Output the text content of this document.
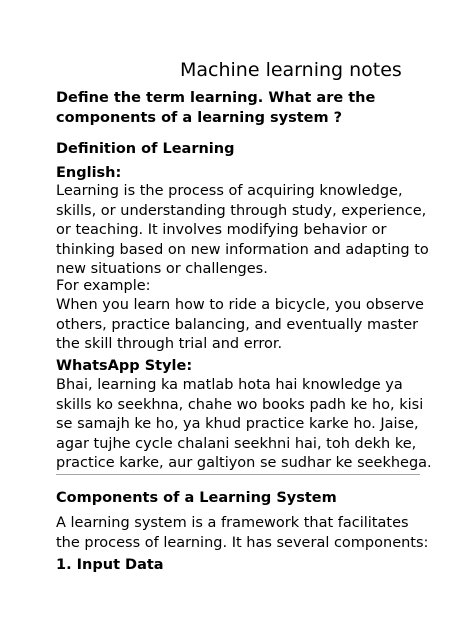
Machine learning notes
Define the term learning. What are the components of a learning system ?
Definition of Learning
English:
Learning is the process of acquiring knowledge,
skills, or understanding through study, experience,
or teaching. It involves modifying behavior or
thinking based on new information and adapting to
new situations or challenges.
For example:
When you learn how to ride a bicycle, you observe
others, practice balancing, and eventually master
the skill through trial and error.
WhatsApp Style:
Bhai, learning ka matlab hota hai knowledge ya
skills ko seekhna, chahe wo books padh ke ho, kisi
se samajh ke ho, ya khud practice karke ho. Jaise,
agar tujhe cycle chalani seekhni hai, toh dekh ke,
practice karke, aur galtiyon se sudhar ke seekhega.
Components of a Learning System
A learning system is a framework that facilitates
the process of learning. It has several components:
1. Input Data
